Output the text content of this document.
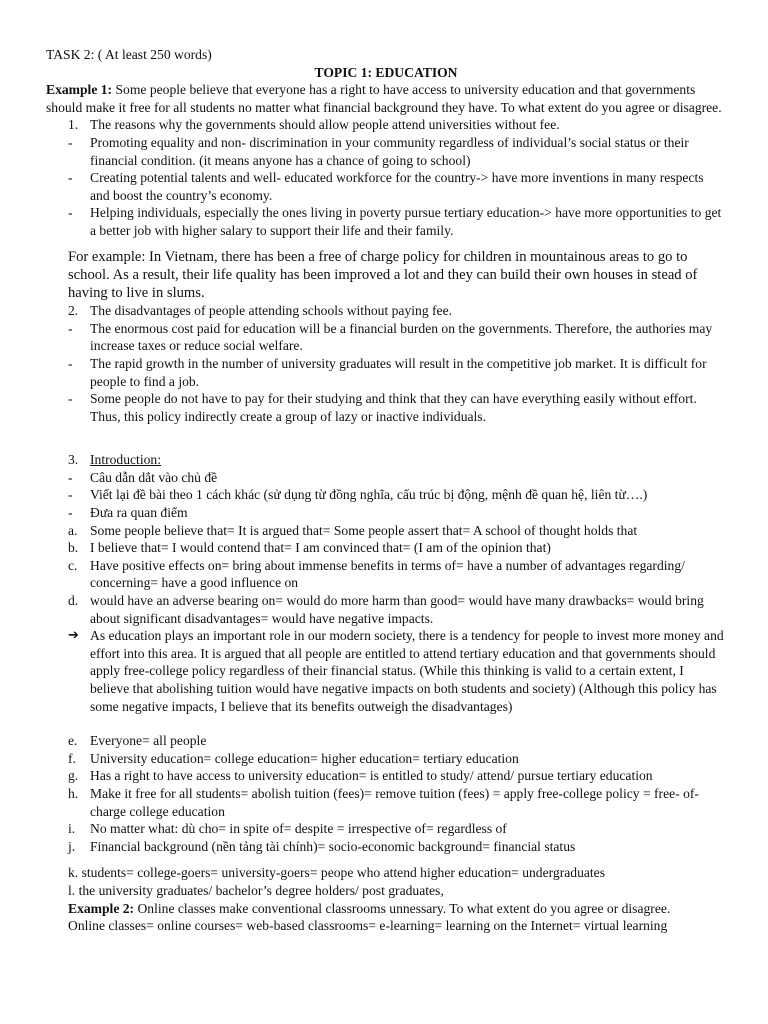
TASK 2: ( At least 250 words)

TOPIC 1: EDUCATION

Example 1: Some people believe that everyone has a right to have access to university education and that governments should make it free for all students no matter what financial background they have. To what extent do you agree or disagree.

1. The reasons why the governments should allow people attend universities without fee.
- Promoting equality and non- discrimination in your community regardless of individual’s social status or their financial condition. (it means anyone has a chance of going to school)
- Creating potential talents and well- educated workforce for the country-> have more inventions in many respects and boost the country’s economy.
- Helping individuals, especially the ones living in poverty pursue tertiary education-> have more opportunities to get a better job with higher salary to support their life and their family.

For example: In Vietnam, there has been a free of charge policy for children in mountainous areas to go to school. As a result, their life quality has been improved a lot and they can build their own houses in stead of having to live in slums.

2. The disadvantages of people attending schools without paying fee.
- The enormous cost paid for education will be a financial burden on the governments. Therefore, the authories may increase taxes or reduce social welfare.
- The rapid growth in the number of university graduates will result in the competitive job market. It is difficult for people to find a job.
- Some people do not have to pay for their studying and think that they can have everything easily without effort. Thus, this policy indirectly create a group of lazy or inactive individuals.
3. Introduction:
- Câu dẫn dắt vào chủ đề
- Viết lại đề bài theo 1 cách khác (sử dụng từ đồng nghĩa, cấu trúc bị động, mệnh đề quan hệ, liên từ….)
- Đưa ra quan điểm
a. Some people believe that= It is argued that= Some people assert that= A school of thought holds that
b. I believe that= I would contend that= I am convinced that= (I am of the opinion that)
c. Have positive effects on= bring about immense benefits in terms of= have a number of advantages regarding/ concerning= have a good influence on
d. would have an adverse bearing on= would do more harm than good= would have many drawbacks= would bring about significant disadvantages= would have negative impacts.
➔ As education plays an important role in our modern society, there is a tendency for people to invest more money and effort into this area. It is argued that all people are entitled to attend tertiary education and that governments should apply free-college policy regardless of their financial status. (While this thinking is valid to a certain extent, I believe that abolishing tuition would have negative impacts on both students and society) (Although this policy has some negative impacts, I believe that its benefits outweigh the disadvantages)
e. Everyone= all people
f. University education= college education= higher education= tertiary education
g. Has a right to have access to university education= is entitled to study/ attend/ pursue tertiary education
h. Make it free for all students= abolish tuition (fees)= remove tuition (fees) = apply free-college policy = free- of-charge college education
i. No matter what: dù cho= in spite of= despite = irrespective of= regardless of
j. Financial background (nền tảng tài chính)= socio-economic background= financial status

k. students= college-goers= university-goers= peope who attend higher education= undergraduates

l. the university graduates/ bachelor’s degree holders/ post graduates,

Example 2: Online classes make conventional classrooms unnessary. To what extent do you agree or disagree.

Online classes= online courses= web-based classrooms= e-learning= learning on the Internet= virtual learning
